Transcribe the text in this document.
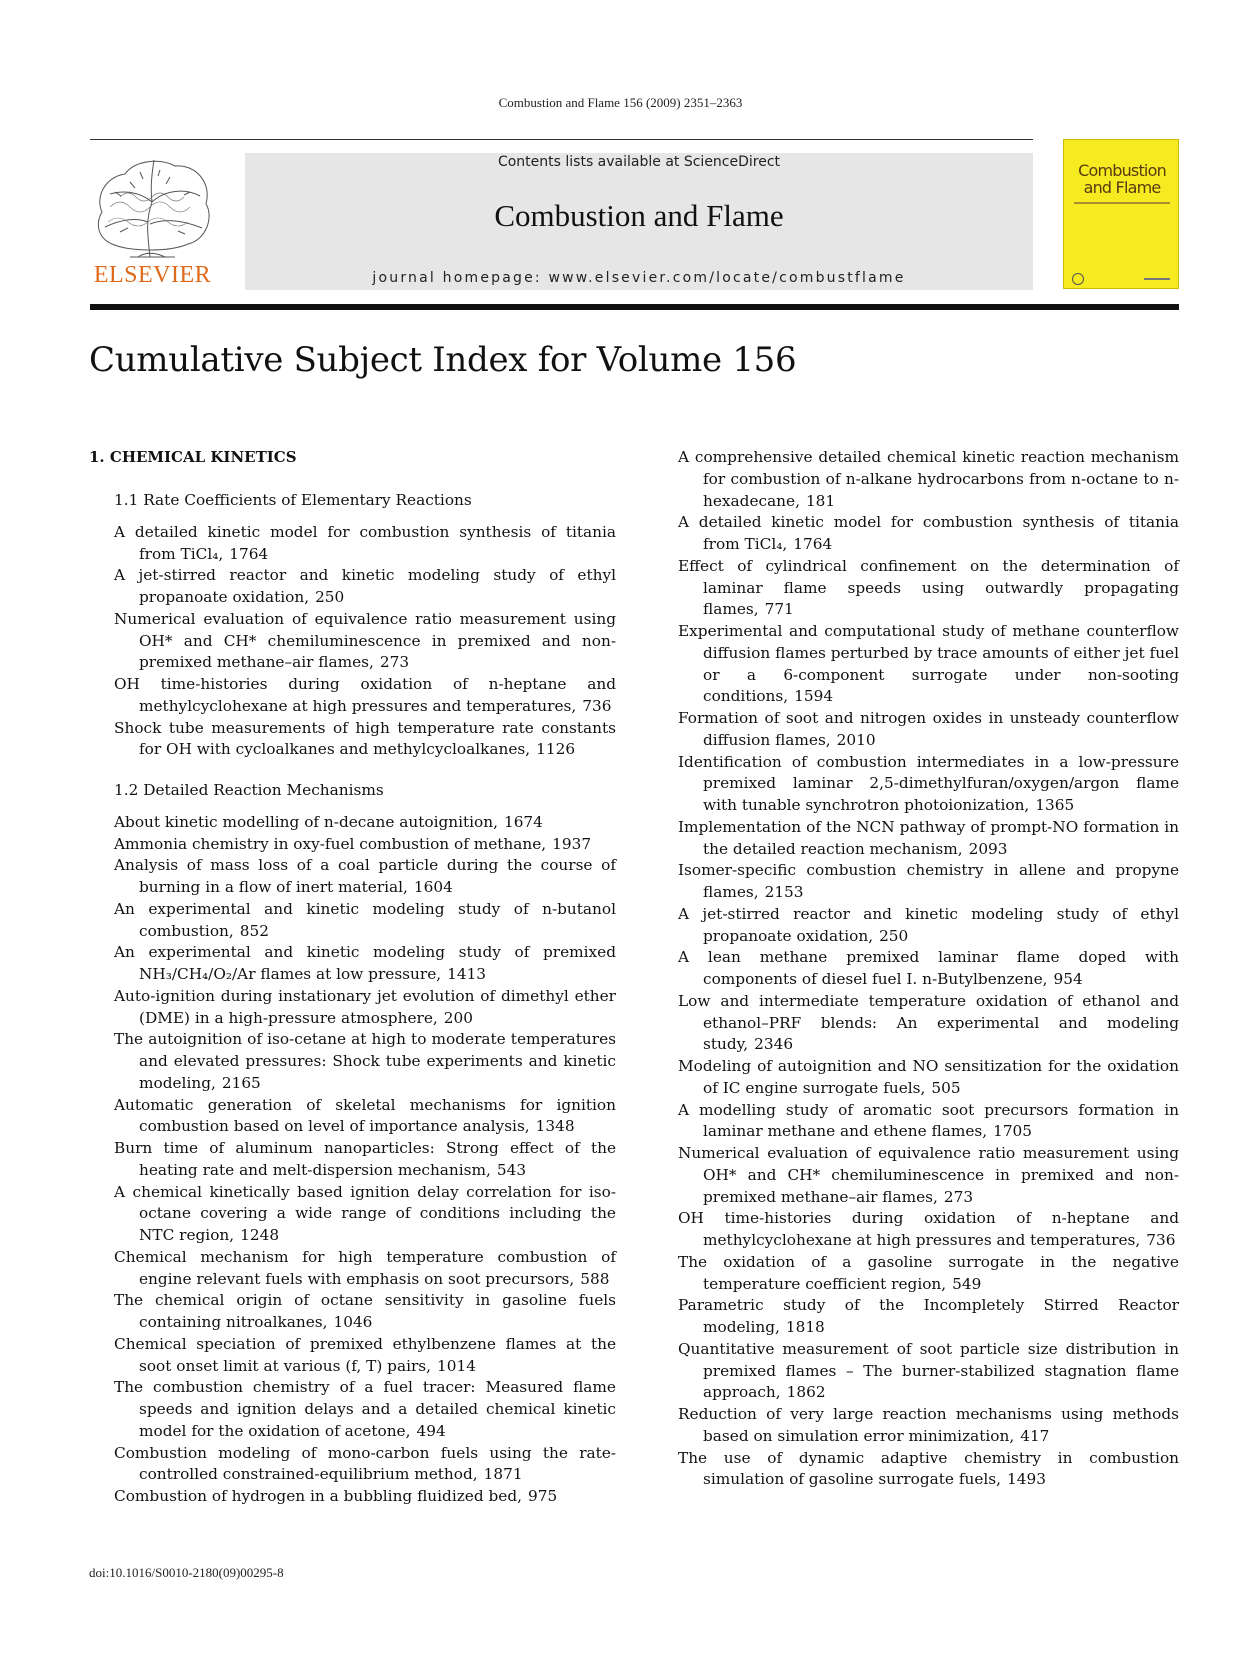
Combustion and Flame 156 (2009) 2351–2363
ELSEVIER
Contents lists available at ScienceDirect
Combustion and Flame
journal homepage: www.elsevier.com/locate/combustflame
Combustion
and Flame
Cumulative Subject Index for Volume 156
1. CHEMICAL KINETICS

1.1 Rate Coefficients of Elementary Reactions

A detailed kinetic model for combustion synthesis of titania from TiCl₄, 1764

A jet-stirred reactor and kinetic modeling study of ethyl propanoate oxidation, 250

Numerical evaluation of equivalence ratio measurement using OH* and CH* chemiluminescence in premixed and non-premixed methane–air flames, 273

OH time-histories during oxidation of n-heptane and methylcyclohexane at high pressures and temperatures, 736

Shock tube measurements of high temperature rate constants for OH with cycloalkanes and methylcycloalkanes, 1126

1.2 Detailed Reaction Mechanisms

About kinetic modelling of n-decane autoignition, 1674

Ammonia chemistry in oxy-fuel combustion of methane, 1937

Analysis of mass loss of a coal particle during the course of burning in a flow of inert material, 1604

An experimental and kinetic modeling study of n-butanol combustion, 852

An experimental and kinetic modeling study of premixed NH₃/CH₄/O₂/Ar flames at low pressure, 1413

Auto-ignition during instationary jet evolution of dimethyl ether (DME) in a high-pressure atmosphere, 200

The autoignition of iso-cetane at high to moderate temperatures and elevated pressures: Shock tube experiments and kinetic modeling, 2165

Automatic generation of skeletal mechanisms for ignition combustion based on level of importance analysis, 1348

Burn time of aluminum nanoparticles: Strong effect of the heating rate and melt-dispersion mechanism, 543

A chemical kinetically based ignition delay correlation for iso-octane covering a wide range of conditions including the NTC region, 1248

Chemical mechanism for high temperature combustion of engine relevant fuels with emphasis on soot precursors, 588

The chemical origin of octane sensitivity in gasoline fuels containing nitroalkanes, 1046

Chemical speciation of premixed ethylbenzene flames at the soot onset limit at various (f, T) pairs, 1014

The combustion chemistry of a fuel tracer: Measured flame speeds and ignition delays and a detailed chemical kinetic model for the oxidation of acetone, 494

Combustion modeling of mono-carbon fuels using the rate-controlled constrained-equilibrium method, 1871

Combustion of hydrogen in a bubbling fluidized bed, 975

A comprehensive detailed chemical kinetic reaction mechanism for combustion of n-alkane hydrocarbons from n-octane to n-hexadecane, 181

A detailed kinetic model for combustion synthesis of titania from TiCl₄, 1764

Effect of cylindrical confinement on the determination of laminar flame speeds using outwardly propagating flames, 771

Experimental and computational study of methane counterflow diffusion flames perturbed by trace amounts of either jet fuel or a 6-component surrogate under non-sooting conditions, 1594

Formation of soot and nitrogen oxides in unsteady counterflow diffusion flames, 2010

Identification of combustion intermediates in a low-pressure premixed laminar 2,5-dimethylfuran/oxygen/argon flame with tunable synchrotron photoionization, 1365

Implementation of the NCN pathway of prompt-NO formation in the detailed reaction mechanism, 2093

Isomer-specific combustion chemistry in allene and propyne flames, 2153

A jet-stirred reactor and kinetic modeling study of ethyl propanoate oxidation, 250

A lean methane premixed laminar flame doped with components of diesel fuel I. n-Butylbenzene, 954

Low and intermediate temperature oxidation of ethanol and ethanol–PRF blends: An experimental and modeling study, 2346

Modeling of autoignition and NO sensitization for the oxidation of IC engine surrogate fuels, 505

A modelling study of aromatic soot precursors formation in laminar methane and ethene flames, 1705

Numerical evaluation of equivalence ratio measurement using OH* and CH* chemiluminescence in premixed and non-premixed methane–air flames, 273

OH time-histories during oxidation of n-heptane and methylcyclohexane at high pressures and temperatures, 736

The oxidation of a gasoline surrogate in the negative temperature coefficient region, 549

Parametric study of the Incompletely Stirred Reactor modeling, 1818

Quantitative measurement of soot particle size distribution in premixed flames – The burner-stabilized stagnation flame approach, 1862

Reduction of very large reaction mechanisms using methods based on simulation error minimization, 417

The use of dynamic adaptive chemistry in combustion simulation of gasoline surrogate fuels, 1493

doi:10.1016/S0010-2180(09)00295-8
